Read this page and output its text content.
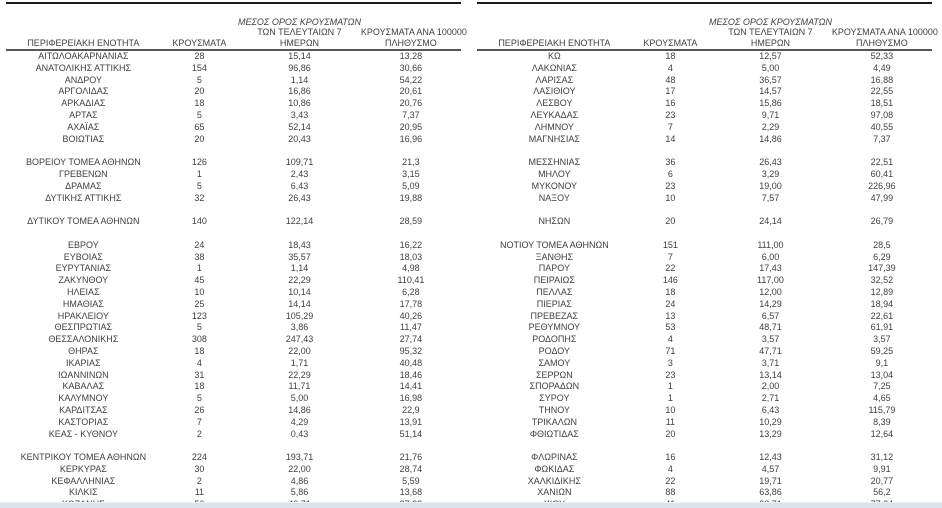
ΠΕΡΙΦΕΡΕΙΑΚΗ ΕΝΟΤΗΤΑ	ΚΡΟΥΣΜΑΤΑ
ΜΕΣΟΣ ΟΡΟΣ ΚΡΟΥΣΜΑΤΩΝ
ΤΩΝ ΤΕΛΕΥΤΑΙΩΝ 7
ΗΜΕΡΩΝ
ΚΡΟΥΣΜΑΤΑ ΑΝΑ 100000
ΠΛΗΘΥΣΜΟ
ΑΙΤΩΛΟΑΚΑΡΝΑΝΙΑΣ	28	15,14	13,28
ΑΝΑΤΟΛΙΚΗΣ ΑΤΤΙΚΗΣ	154	96,86	30,66
ΑΝΔΡΟΥ	5	1,14	54,22
ΑΡΓΟΛΙΔΑΣ	20	16,86	20,61
ΑΡΚΑΔΙΑΣ	18	10,86	20,76
ΑΡΤΑΣ	5	3,43	7,37
ΑΧΑΪΑΣ	65	52,14	20,95
ΒΟΙΩΤΙΑΣ	20	20,43	16,96
ΒΟΡΕΙΟΥ ΤΟΜΕΑ ΑΘΗΝΩΝ	126	109,71	21,3
ΓΡΕΒΕΝΩΝ	1	2,43	3,15
ΔΡΑΜΑΣ	5	6,43	5,09
ΔΥΤΙΚΗΣ ΑΤΤΙΚΗΣ	32	26,43	19,88
ΔΥΤΙΚΟΥ ΤΟΜΕΑ ΑΘΗΝΩΝ	140	122,14	28,59
ΕΒΡΟΥ	24	18,43	16,22
ΕΥΒΟΙΑΣ	38	35,57	18,03
ΕΥΡΥΤΑΝΙΑΣ	1	1,14	4,98
ΖΑΚΥΝΘΟΥ	45	22,29	110,41
ΗΛΕΙΑΣ	10	10,14	6,28
ΗΜΑΘΙΑΣ	25	14,14	17,78
ΗΡΑΚΛΕΙΟΥ	123	105,29	40,26
ΘΕΣΠΡΩΤΙΑΣ	5	3,86	11,47
ΘΕΣΣΑΛΟΝΙΚΗΣ	308	247,43	27,74
ΘΗΡΑΣ	18	22,00	95,32
ΙΚΑΡΙΑΣ	4	1,71	40,48
ΙΩΑΝΝΙΝΩΝ	31	22,29	18,46
ΚΑΒΑΛΑΣ	18	11,71	14,41
ΚΑΛΥΜΝΟΥ	5	5,00	16,98
ΚΑΡΔΙΤΣΑΣ	26	14,86	22,9
ΚΑΣΤΟΡΙΑΣ	7	4,29	13,91
ΚΕΑΣ - ΚΥΘΝΟΥ	2	0,43	51,14
ΚΕΝΤΡΙΚΟΥ ΤΟΜΕΑ ΑΘΗΝΩΝ	224	193,71	21,76
ΚΕΡΚΥΡΑΣ	30	22,00	28,74
ΚΕΦΑΛΛΗΝΙΑΣ	2	4,86	5,59
ΚΙΛΚΙΣ	11	5,86	13,68
ΠΕΡΙΦΕΡΕΙΑΚΗ ΕΝΟΤΗΤΑ	ΚΡΟΥΣΜΑΤΑ
ΜΕΣΟΣ ΟΡΟΣ ΚΡΟΥΣΜΑΤΩΝ
ΤΩΝ ΤΕΛΕΥΤΑΙΩΝ 7
ΗΜΕΡΩΝ
ΚΡΟΥΣΜΑΤΑ ΑΝΑ 100000
ΠΛΗΘΥΣΜΟ
ΚΩ	18	12,57	52,33
ΛΑΚΩΝΙΑΣ	4	5,00	4,49
ΛΑΡΙΣΑΣ	48	36,57	16,88
ΛΑΣΙΘΙΟΥ	17	14,57	22,55
ΛΕΣΒΟΥ	16	15,86	18,51
ΛΕΥΚΑΔΑΣ	23	9,71	97,08
ΛΗΜΝΟΥ	7	2,29	40,55
ΜΑΓΝΗΣΙΑΣ	14	14,86	7,37
ΜΕΣΣΗΝΙΑΣ	36	26,43	22,51
ΜΗΛΟΥ	6	3,29	60,41
ΜΥΚΟΝΟΥ	23	19,00	226,96
ΝΑΞΟΥ	10	7,57	47,99
ΝΗΣΩΝ	20	24,14	26,79
ΝΟΤΙΟΥ ΤΟΜΕΑ ΑΘΗΝΩΝ	151	111,00	28,5
ΞΑΝΘΗΣ	7	6,00	6,29
ΠΑΡΟΥ	22	17,43	147,39
ΠΕΙΡΑΙΩΣ	146	117,00	32,52
ΠΕΛΛΑΣ	18	12,00	12,89
ΠΙΕΡΙΑΣ	24	14,29	18,94
ΠΡΕΒΕΖΑΣ	13	6,57	22,61
ΡΕΘΥΜΝΟΥ	53	48,71	61,91
ΡΟΔΟΠΗΣ	4	3,57	3,57
ΡΟΔΟΥ	71	47,71	59,25
ΣΑΜΟΥ	3	3,71	9,1
ΣΕΡΡΩΝ	23	13,14	13,04
ΣΠΟΡΑΔΩΝ	1	2,00	7,25
ΣΥΡΟΥ	1	2,71	4,65
ΤΗΝΟΥ	10	6,43	115,79
ΤΡΙΚΑΛΩΝ	11	10,29	8,39
ΦΘΙΩΤΙΔΑΣ	20	13,29	12,64
ΦΛΩΡΙΝΑΣ	16	12,43	31,12
ΦΩΚΙΔΑΣ	4	4,57	9,91
ΧΑΛΚΙΔΙΚΗΣ	22	19,71	20,77
ΧΑΝΙΩΝ	88	63,86	56,2
